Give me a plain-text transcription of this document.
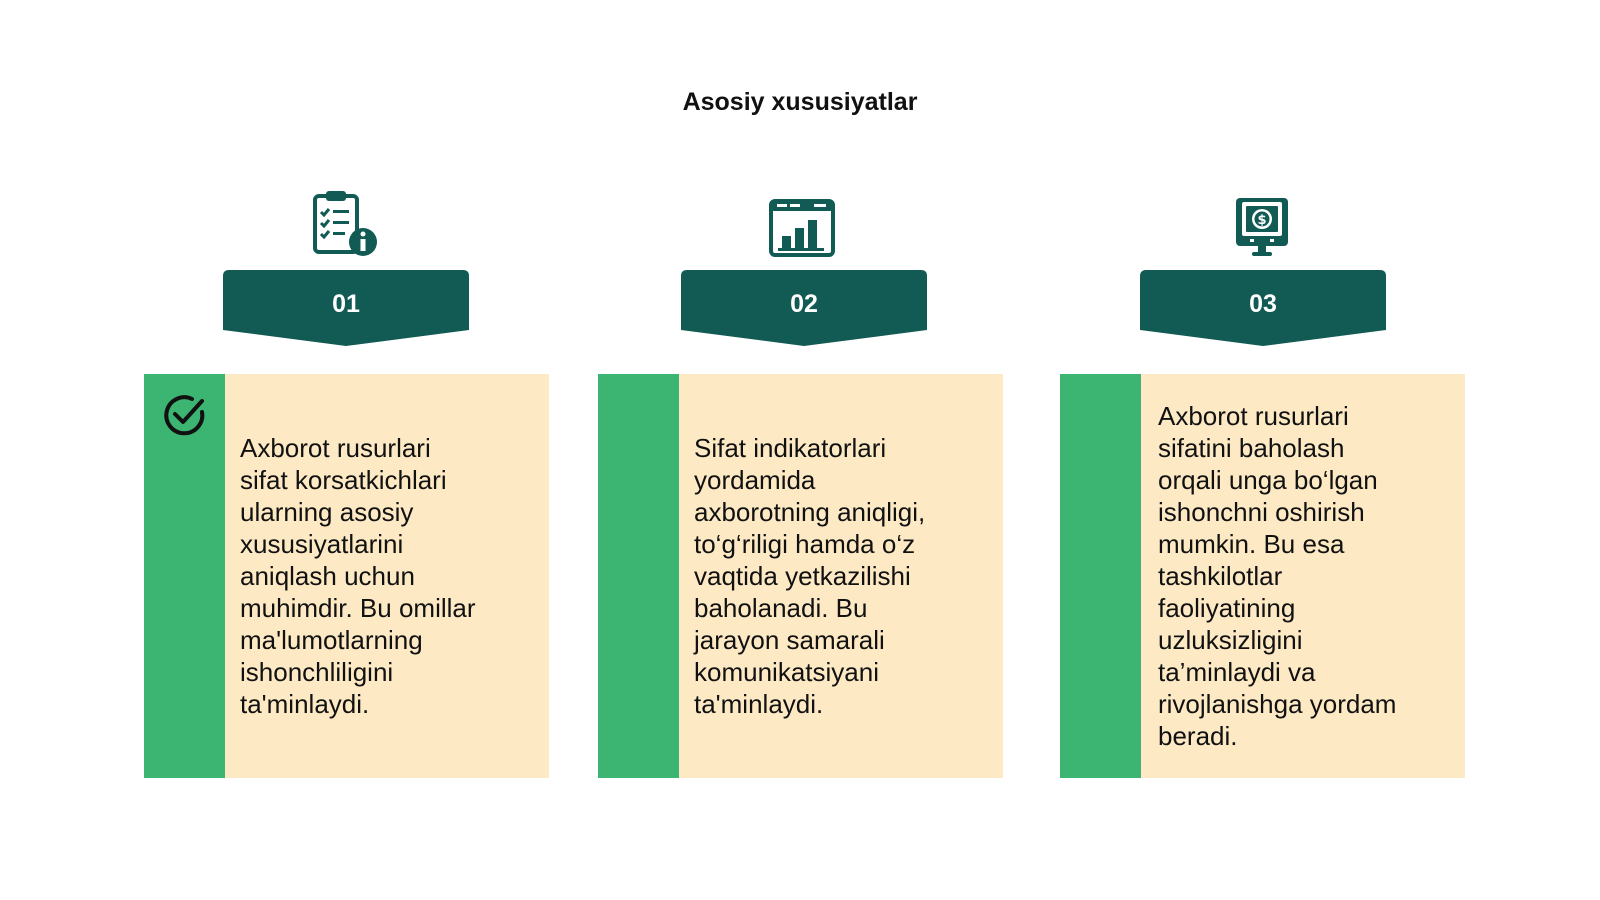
Asosiy xususiyatlar
$
01	02	03
Axborot rusurlari
sifat korsatkichlari
ularning asosiy
xususiyatlarini
aniqlash uchun
muhimdir. Bu omillar
ma'lumotlarning
ishonchliligini
ta'minlaydi.
Sifat indikatorlari
yordamida
axborotning aniqligi,
to‘g‘riligi hamda o‘z
vaqtida yetkazilishi
baholanadi. Bu
jarayon samarali
komunikatsiyani
ta'minlaydi.
Axborot rusurlari
sifatini baholash
orqali unga bo‘lgan
ishonchni oshirish
mumkin. Bu esa
tashkilotlar
faoliyatining
uzluksizligini
ta’minlaydi va
rivojlanishga yordam
beradi.
